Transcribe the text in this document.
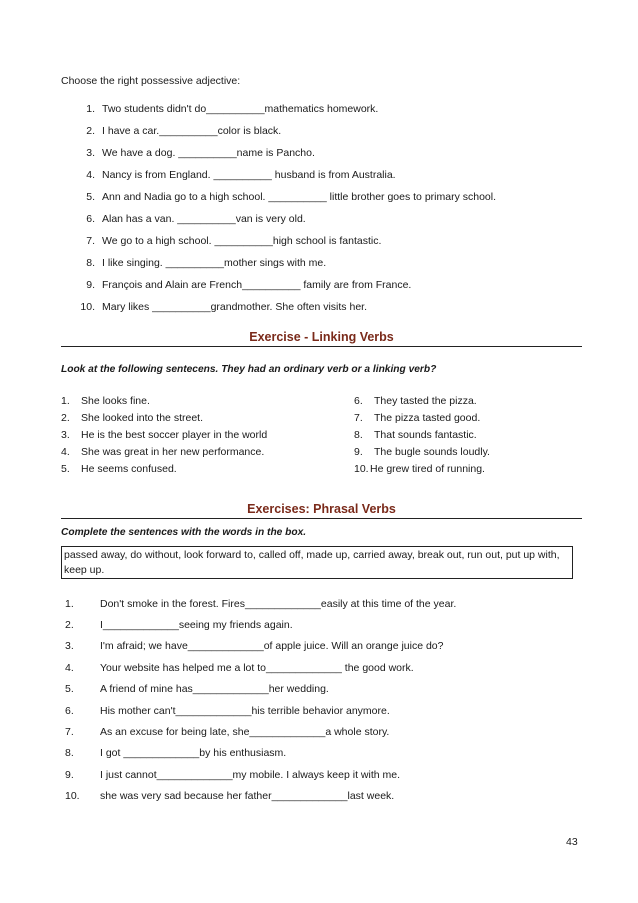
Choose the right possessive adjective:
1. Two students didn't do__________mathematics homework.
2. I have a car.__________color is black.
3. We have a dog. __________name is Pancho.
4. Nancy is from England. __________ husband is from Australia.
5. Ann and Nadia go to a high school. __________ little brother goes to primary school.
6. Alan has a van. __________van is very old.
7. We go to a high school. __________high school is fantastic.
8. I like singing. __________mother sings with me.
9. François and Alain are French__________ family are from France.
10. Mary likes __________grandmother. She often visits her.
Exercise - Linking Verbs
Look at the following sentecens. They had an ordinary verb or a linking verb?
1.	She looks fine.
2.	She looked into the street.
3.	He is the best soccer player in the world
4.	She was great in her new performance.
5.	He seems confused.
6.	They tasted the pizza.
7.	The pizza tasted good.
8.	That sounds fantastic.
9.	The bugle sounds loudly.
10. He grew tired of running.
Exercises: Phrasal Verbs
Complete the sentences with the words in the box.
passed away, do without, look forward to, called off, made up, carried away, break out, run out, put up with, keep up.
1.	Don't smoke in the forest. Fires_____________easily at this time of the year.
2.	I_____________seeing my friends again.
3.	I'm afraid; we have_____________of apple juice. Will an orange juice do?
4.	Your website has helped me a lot to_____________ the good work.
5.	A friend of mine has_____________her wedding.
6.	His mother can't_____________his terrible behavior anymore.
7.	As an excuse for being late, she_____________a whole story.
8.	I got _____________by his enthusiasm.
9.	I just cannot_____________my mobile. I always keep it with me.
10.	she was very sad because her father_____________last week.
43
